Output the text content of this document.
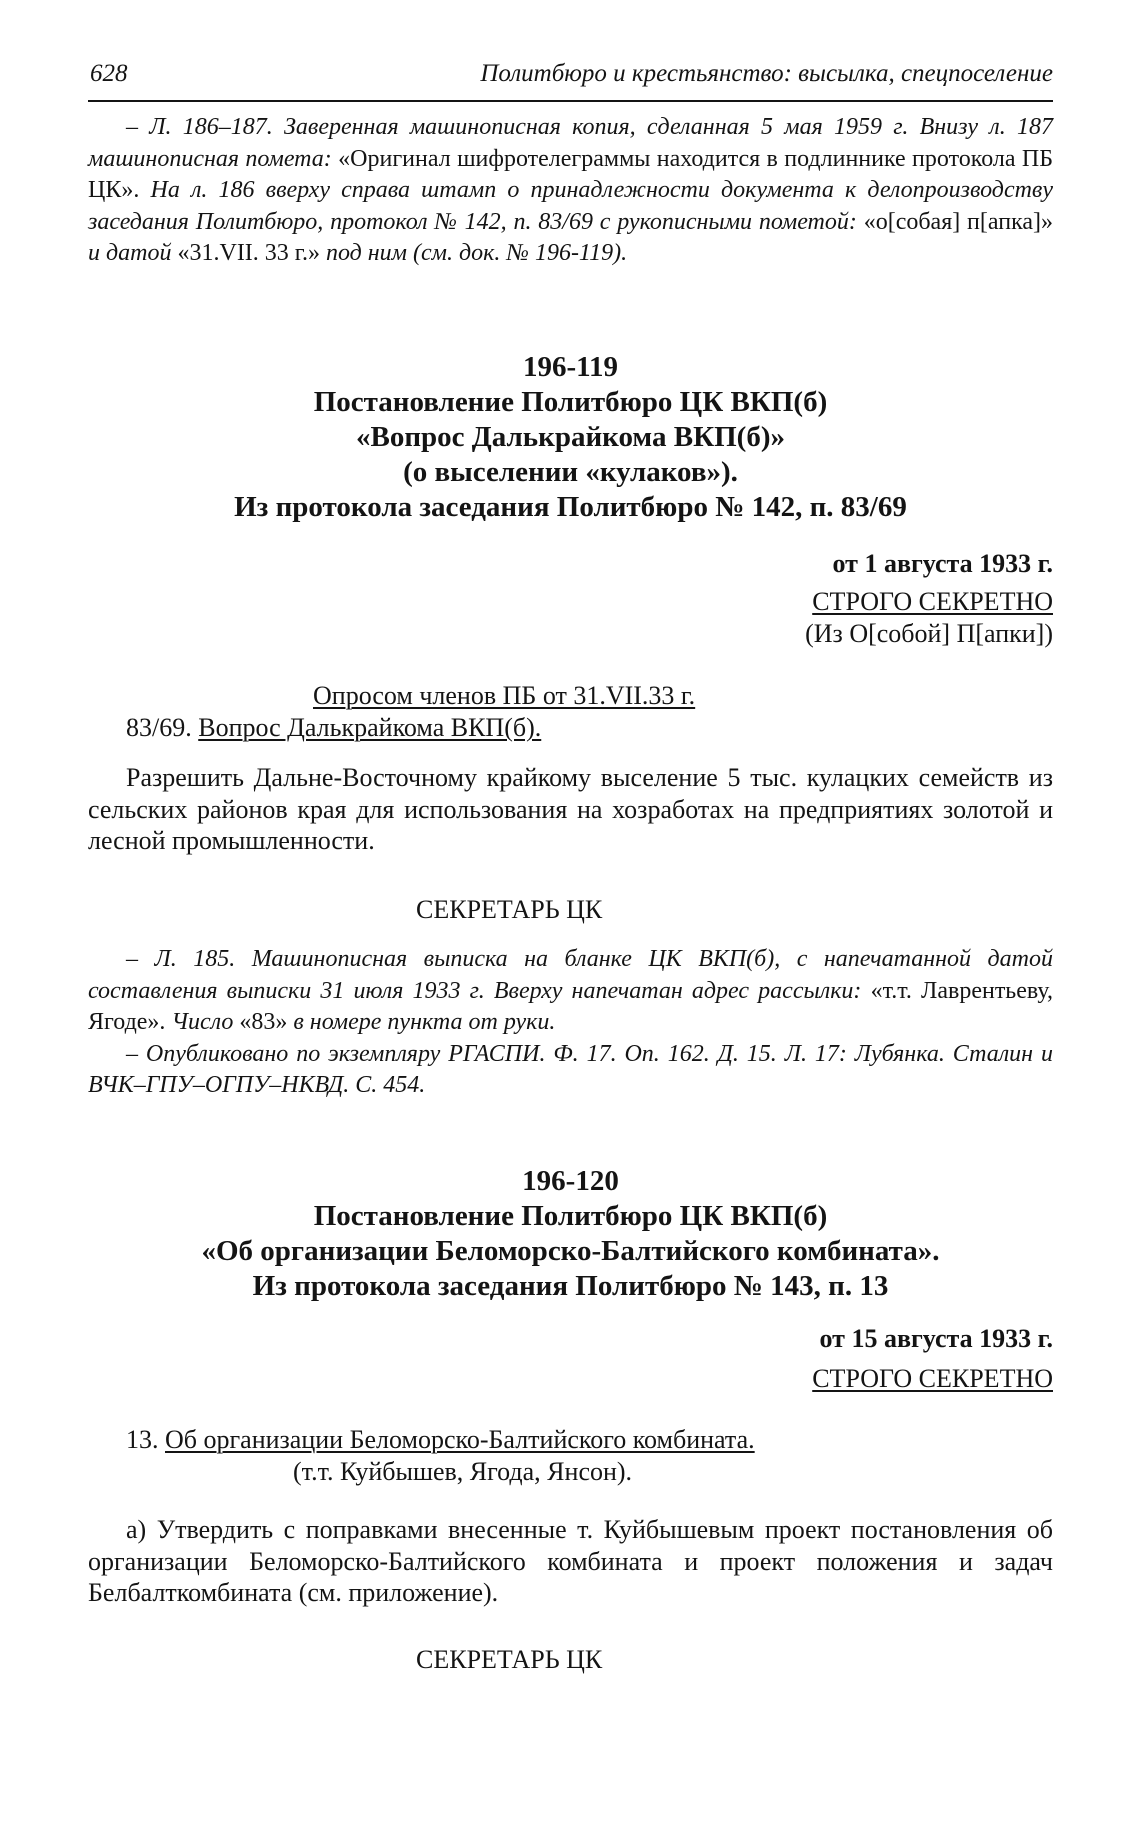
628	Политбюро и крестьянство: высылка, спецпоселение

– Л. 186–187. Заверенная машинописная копия, сделанная 5 мая 1959 г. Внизу л. 187 машинописная помета: «Оригинал шифротелеграммы находится в подлиннике протокола ПБ ЦК». На л. 186 вверху справа штамп о принадлежности документа к делопроизводству заседания Политбюро, протокол № 142, п. 83/69 с рукописными пометой: «о[собая] п[апка]» и датой «31.VII. 33 г.» под ним (см. док. № 196-119).

196-119
Постановление Политбюро ЦК ВКП(б)
«Вопрос Далькрайкома ВКП(б)»
(о выселении «кулаков»).
Из протокола заседания Политбюро № 142, п. 83/69

от 1 августа 1933 г.

СТРОГО СЕКРЕТНО

(Из О[собой] П[апки])

Опросом членов ПБ от 31.VII.33 г.

83/69. Вопрос Далькрайкома ВКП(б).

Разрешить Дальне-Восточному крайкому выселение 5 тыс. кулацких семейств из сельских районов края для использования на хозработах на предприятиях золотой и лесной промышленности.

СЕКРЕТАРЬ ЦК

– Л. 185. Машинописная выписка на бланке ЦК ВКП(б), с напечатанной датой составления выписки 31 июля 1933 г. Вверху напечатан адрес рассылки: «т.т. Лаврентьеву, Ягоде». Число «83» в номере пункта от руки.

– Опубликовано по экземпляру РГАСПИ. Ф. 17. Оп. 162. Д. 15. Л. 17: Лубянка. Сталин и ВЧК–ГПУ–ОГПУ–НКВД. С. 454.

196-120
Постановление Политбюро ЦК ВКП(б)
«Об организации Беломорско-Балтийского комбината».
Из протокола заседания Политбюро № 143, п. 13

от 15 августа 1933 г.

СТРОГО СЕКРЕТНО

13. Об организации Беломорско-Балтийского комбината.

(т.т. Куйбышев, Ягода, Янсон).

а) Утвердить с поправками внесенные т. Куйбышевым проект постановления об организации Беломорско-Балтийского комбината и проект положения и задач Белбалткомбината (см. приложение).

СЕКРЕТАРЬ ЦК
